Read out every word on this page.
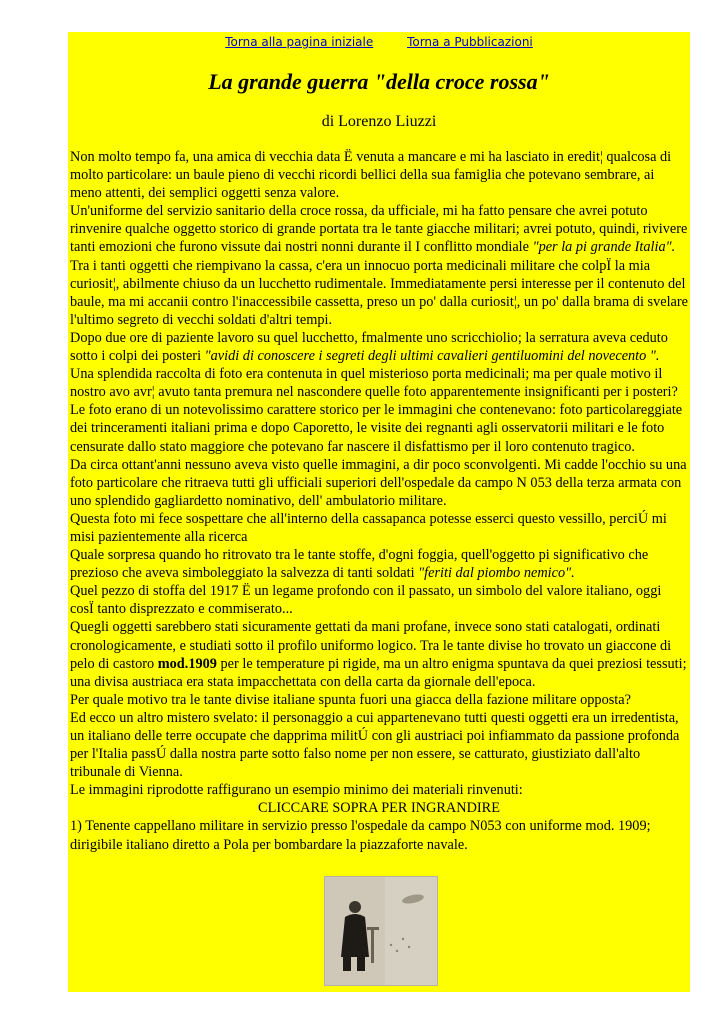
Torna alla pagina iniziale	Torna a Pubblicazioni
La grande guerra "della croce rossa"
di Lorenzo Liuzzi

Non molto tempo fa, una amica di vecchia data Ë venuta a mancare e mi ha lasciato in eredit¦ qualcosa di molto particolare: un baule pieno di vecchi ricordi bellici della sua famiglia che potevano sembrare, ai meno attenti, dei semplici oggetti senza valore.

Un'uniforme del servizio sanitario della croce rossa, da ufficiale, mi ha fatto pensare che avrei potuto rinvenire qualche oggetto storico di grande portata tra le tante giacche militari; avrei potuto, quindi, rivivere tanti emozioni che furono vissute dai nostri nonni durante il I conflitto mondiale "per la pi grande Italia".

Tra i tanti oggetti che riempivano la cassa, c'era un innocuo porta medicinali militare che colpÏ la mia curiosit¦, abilmente chiuso da un lucchetto rudimentale. Immediatamente persi interesse per il contenuto del baule, ma mi accanii contro l'inaccessibile cassetta, preso un po' dalla curiosit¦, un po' dalla brama di svelare l'ultimo segreto di vecchi soldati d'altri tempi.

Dopo due ore di paziente lavoro su quel lucchetto, fmalmente uno scricchiolio; la serratura aveva ceduto sotto i colpi dei posteri "avidi di conoscere i segreti degli ultimi cavalieri gentiluomini del novecento ".

Una splendida raccolta di foto era contenuta in quel misterioso porta medicinali; ma per quale motivo il nostro avo avr¦ avuto tanta premura nel nascondere quelle foto apparentemente insignificanti per i posteri?

Le foto erano di un notevolissimo carattere storico per le immagini che contenevano: foto particolareggiate dei trinceramenti italiani prima e dopo Caporetto, le visite dei regnanti agli osservatorii militari e le foto censurate dallo stato maggiore che potevano far nascere il disfattismo per il loro contenuto tragico.

Da circa ottant'anni nessuno aveva visto quelle immagini, a dir poco sconvolgenti. Mi cadde l'occhio su una foto particolare che ritraeva tutti gli ufficiali superiori dell'ospedale da campo N 053 della terza armata con uno splendido gagliardetto nominativo, dell' ambulatorio militare.

Questa foto mi fece sospettare che all'interno della cassapanca potesse esserci questo vessillo, perciÚ mi misi pazientemente alla ricerca

Quale sorpresa quando ho ritrovato tra le tante stoffe, d'ogni foggia, quell'oggetto pi significativo che prezioso che aveva simboleggiato la salvezza di tanti soldati "feriti dal piombo nemico".

Quel pezzo di stoffa del 1917 Ë un legame profondo con il passato, un simbolo del valore italiano, oggi cosÏ tanto disprezzato e commiserato...

Quegli oggetti sarebbero stati sicuramente gettati da mani profane, invece sono stati catalogati, ordinati cronologicamente, e studiati sotto il profilo uniformo logico. Tra le tante divise ho trovato un giaccone di pelo di castoro mod.1909 per le temperature pi rigide, ma un altro enigma spuntava da quei preziosi tessuti; una divisa austriaca era stata impacchettata con della carta da giornale dell'epoca.

Per quale motivo tra le tante divise italiane spunta fuori una giacca della fazione militare opposta?

Ed ecco un altro mistero svelato: il personaggio a cui appartenevano tutti questi oggetti era un irredentista, un italiano delle terre occupate che dapprima militÚ con gli austriaci poi infiammato da passione profonda per l'Italia passÚ dalla nostra parte sotto falso nome per non essere, se catturato, giustiziato dall'alto tribunale di Vienna.

Le immagini riprodotte raffigurano un esempio minimo dei materiali rinvenuti:

CLICCARE SOPRA PER INGRANDIRE

1) Tenente cappellano militare in servizio presso l'ospedale da campo N053 con uniforme mod. 1909; dirigibile italiano diretto a Pola per bombardare la piazzaforte navale.
